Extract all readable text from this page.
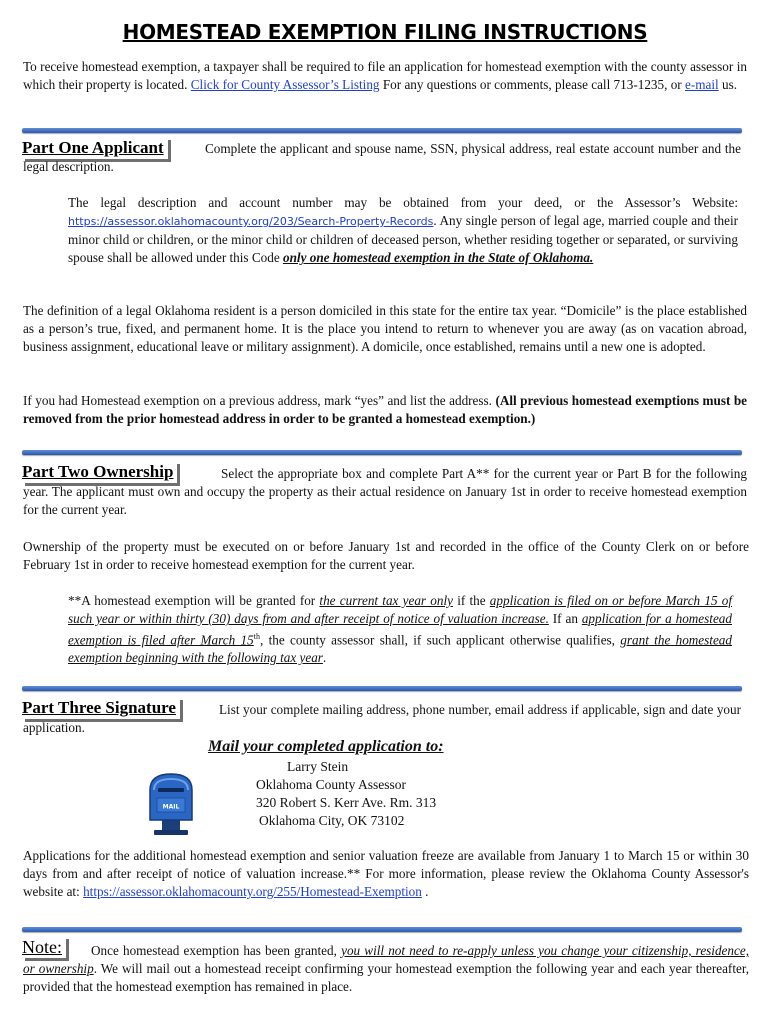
HOMESTEAD EXEMPTION FILING INSTRUCTIONS
To receive homestead exemption, a taxpayer shall be required to file an application for homestead exemption with the county assessor in which their property is located. Click for County Assessor’s Listing For any questions or comments, please call 713-1235, or e-mail us.
Part One Applicant	Complete the applicant and spouse name, SSN, physical address, real estate account number and the legal description.
The legal description and account number may be obtained from your deed, or the Assessor’s Website: https://assessor.oklahomacounty.org/203/Search-Property-Records. Any single person of legal age, married couple and their minor child or children, or the minor child or children of deceased person, whether residing together or separated, or surviving spouse shall be allowed under this Code only one homestead exemption in the State of Oklahoma.
The definition of a legal Oklahoma resident is a person domiciled in this state for the entire tax year. “Domicile” is the place established as a person’s true, fixed, and permanent home. It is the place you intend to return to whenever you are away (as on vacation abroad, business assignment, educational leave or military assignment). A domicile, once established, remains until a new one is adopted.
If you had Homestead exemption on a previous address, mark “yes” and list the address. (All previous homestead exemptions must be removed from the prior homestead address in order to be granted a homestead exemption.)
Part Two Ownership	Select the appropriate box and complete Part A** for the current year or Part B for the following year. The applicant must own and occupy the property as their actual residence on January 1st in order to receive homestead exemption for the current year.
Ownership of the property must be executed on or before January 1st and recorded in the office of the County Clerk on or before February 1st in order to receive homestead exemption for the current year.
**A homestead exemption will be granted for the current tax year only if the application is filed on or before March 15 of such year or within thirty (30) days from and after receipt of notice of valuation increase. If an application for a homestead exemption is filed after March 15th, the county assessor shall, if such applicant otherwise qualifies, grant the homestead exemption beginning with the following tax year.
Part Three Signature	List your complete mailing address, phone number, email address if applicable, sign and date your application.
Mail your completed application to:
MAIL
Larry Stein
Oklahoma County Assessor
320 Robert S. Kerr Ave. Rm. 313
Oklahoma City, OK 73102
Applications for the additional homestead exemption and senior valuation freeze are available from January 1 to March 15 or within 30 days from and after receipt of notice of valuation increase.** For more information, please review the Oklahoma County Assessor's website at: https://assessor.oklahomacounty.org/255/Homestead-Exemption .
Note:	Once homestead exemption has been granted, you will not need to re-apply unless you change your citizenship, residence, or ownership. We will mail out a homestead receipt confirming your homestead exemption the following year and each year thereafter, provided that the homestead exemption has remained in place.
